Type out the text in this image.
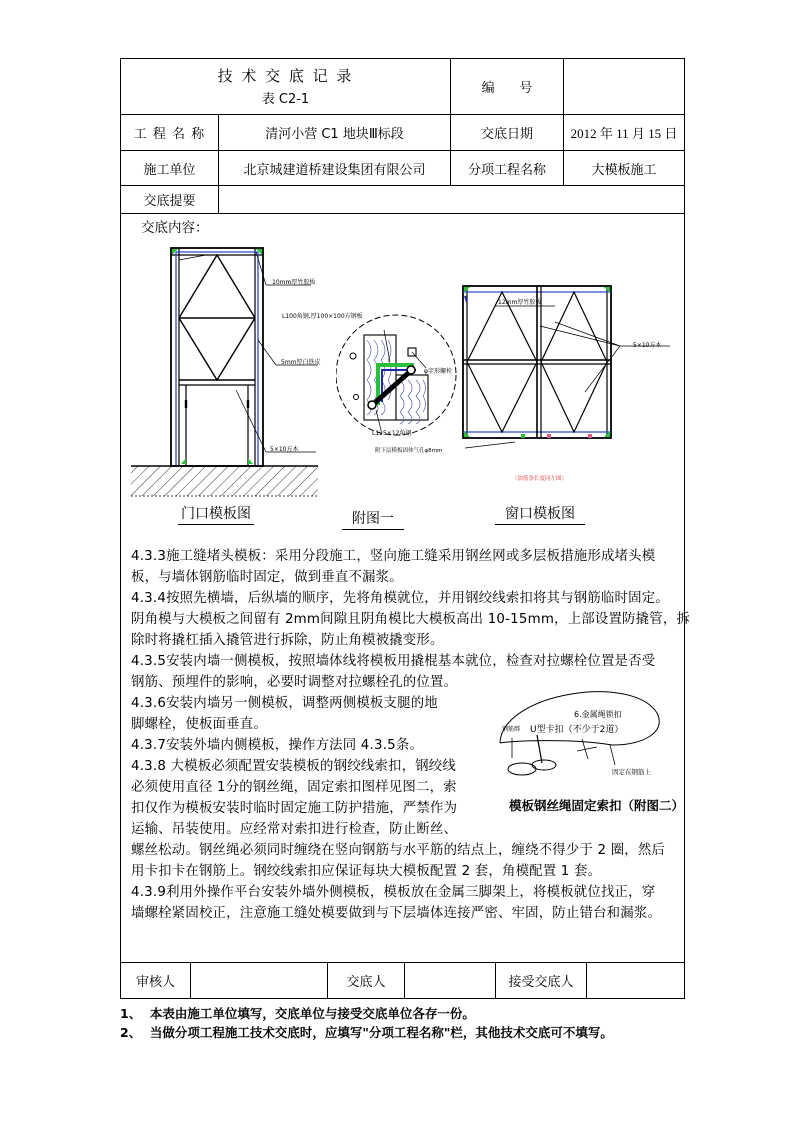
技 术 交 底 记 录
表 C2-1
编      号
工 程 名 称	清河小营 C1 地块Ⅲ标段	交底日期	2012 年 11 月 15 日
施工单位	北京城建道桥建设集团有限公司	分项工程名称	大模板施工
交底提要
交底内容：
10mm厚竹胶板
5mm厚白铁皮
5×10方木
L100角钢,厚100×100方钢板
φ字形螺栓
L125×12角钢
12mm厚竹胶板
5×10方木
附下层模板固体气孔φ8mm
（加筋条长度同左图）
门口模板图	附图一	窗口模板图
4.3.3施工缝堵头模板：采用分段施工，竖向施工缝采用钢丝网或多层板措施形成堵头模
板，与墙体钢筋临时固定，做到垂直不漏浆。
4.3.4按照先横墙，后纵墙的顺序，先将角模就位，并用钢绞线索扣将其与钢筋临时固定。
阴角模与大模板之间留有 2mm间隙且阴角模比大模板高出 10-15mm，上部设置防撬管，拆
除时将撬杠插入撬管进行拆除，防止角模被撬变形。
4.3.5安装内墙一侧模板，按照墙体线将模板用撬棍基本就位，检查对拉螺栓位置是否受
钢筋、预埋件的影响，必要时调整对拉螺栓孔的位置。
4.3.6安装内墙另一侧模板，调整两侧模板支腿的地
脚螺栓，使板面垂直。
4.3.7安装外墙内侧模板，操作方法同 4.3.5条。
4.3.8 大模板必须配置安装模板的钢绞线索扣，钢绞线
必须使用直径 1分的钢丝绳，固定索扣图样见图二，索
扣仅作为模板安装时临时固定施工防护措施，严禁作为
运输、吊装使用。应经常对索扣进行检查，防止断丝、
螺丝松动。钢丝绳必须同时缠绕在竖向钢筋与水平筋的结点上，缠绕不得少于 2 圈，然后
用卡扣卡在钢筋上。钢绞线索扣应保证每块大模板配置 2 套，角模配置 1 套。
4.3.9利用外操作平台安装外墙外侧模板，模板放在金属三脚架上，将模板就位找正，穿
墙螺栓紧固校正，注意施工缝处模要做到与下层墙体连接严密、牢固，防止错台和漏浆。
6.金属绳锁扣
钢筋绑 U型卡扣（不少于2道）
固定在钢筋上
模板钢丝绳固定索扣（附图二）
审核人	交底人	接受交底人
1、  本表由施工单位填写，交底单位与接受交底单位各存一份。
2、  当做分项工程施工技术交底时，应填写"分项工程名称"栏，其他技术交底可不填写。
